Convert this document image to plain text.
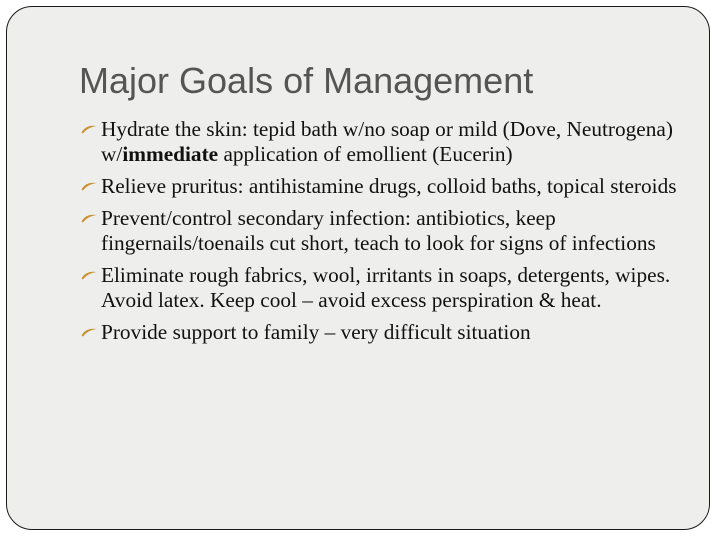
Major Goals of Management
Hydrate the skin: tepid bath w/no soap or mild (Dove, Neutrogena) w/immediate application of emollient (Eucerin)
Relieve pruritus: antihistamine drugs, colloid baths, topical steroids
Prevent/control secondary infection: antibiotics, keep fingernails/toenails cut short, teach to look for signs of infections
Eliminate rough fabrics, wool, irritants in soaps, detergents, wipes. Avoid latex. Keep cool – avoid excess perspiration & heat.
Provide support to family – very difficult situation
